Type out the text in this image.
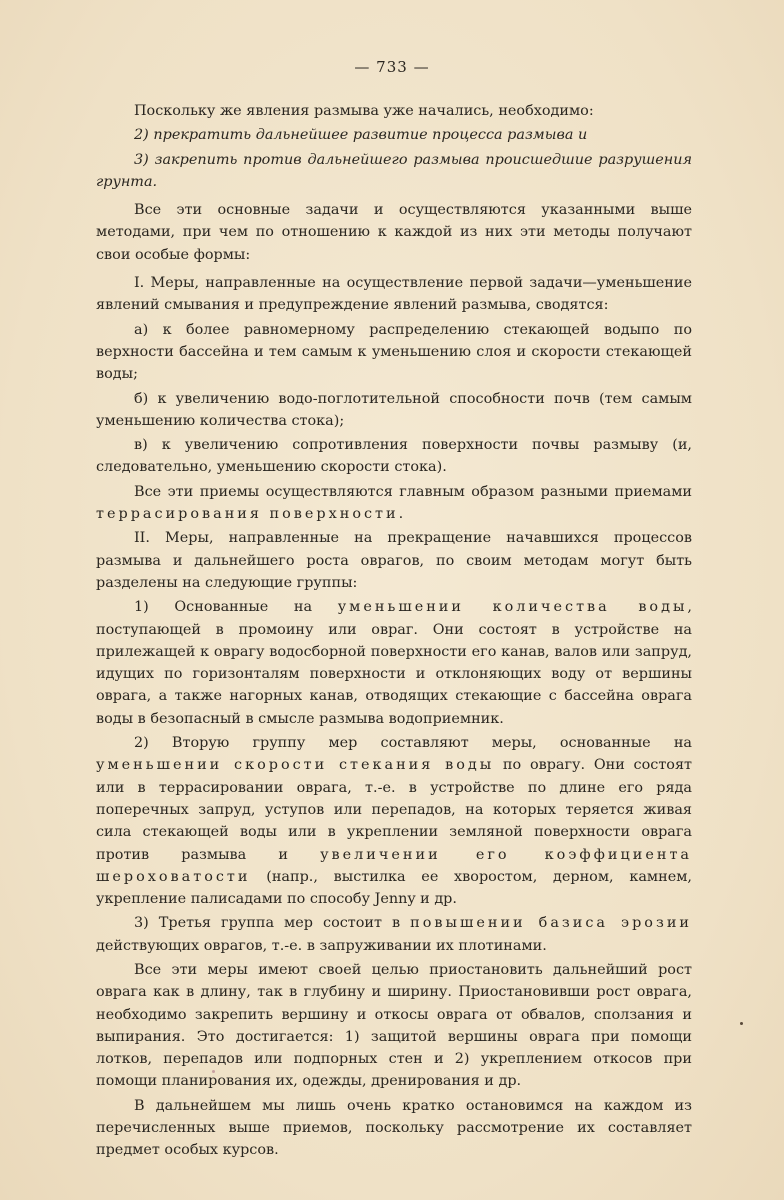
— 733 —

Поскольку же явления размыва уже начались, необходимо:

2) прекратить дальнейшее развитие процесса размыва и

3) закрепить против дальнейшего размыва происшедшие разрушения грунта.

Все эти основные задачи и осуществляются указанными выше методами, при чем по отношению к каждой из них эти методы получают свои особые формы:

I. Меры, направленные на осуществление первой задачи—уменьшение явлений смывания и предупреждение явлений размыва, сводятся:

а) к более равномерному распределению стекающей водыпо по верхности бассейна и тем самым к уменьшению слоя и скорости стекающей воды;

б) к увеличению водо-поглотительной способности почв (тем самым уменьшению количества стока);

в) к увеличению сопротивления поверхности почвы размыву (и, следовательно, уменьшению скорости стока).

Все эти приемы осуществляются главным образом разными приемами террасирования поверхности.

II. Меры, направленные на прекращение начавшихся процессов размыва и дальнейшего роста оврагов, по своим методам могут быть разделены на следующие группы:

1) Основанные на уменьшении количества воды, поступающей в промоину или овраг. Они состоят в устройстве на прилежащей к оврагу водосборной поверхности его канав, валов или запруд, идущих по горизонталям поверхности и отклоняющих воду от вершины оврага, а также нагорных канав, отводящих стекающие с бассейна оврага воды в безопасный в смысле размыва водоприемник.

2) Вторую группу мер составляют меры, основанные на уменьшении скорости стекания воды по оврагу. Они состоят или в террасировании оврага, т.-е. в устройстве по длине его ряда поперечных запруд, уступов или перепадов, на которых теряется живая сила стекающей воды или в укреплении земляной поверхности оврага против размыва и увеличении его коэффициента шероховатости (напр., выстилка ее хворостом, дерном, камнем, укрепление палисадами по способу Jenny и др.

3) Третья группа мер состоит в повышении базиса эрозии действующих оврагов, т.-е. в запруживании их плотинами.

Все эти меры имеют своей целью приостановить дальнейший рост оврага как в длину, так в глубину и ширину. Приостановивши рост оврага, необходимо закрепить вершину и откосы оврага от обвалов, сползания и выпирания. Это достигается: 1) защитой вершины оврага при помощи лотков, перепадов или подпорных стен и 2) укреплением откосов при помощи планирования их, одежды, дренирования и др.

В дальнейшем мы лишь очень кратко остановимся на каждом из перечисленных выше приемов, поскольку рассмотрение их составляет предмет особых курсов.
